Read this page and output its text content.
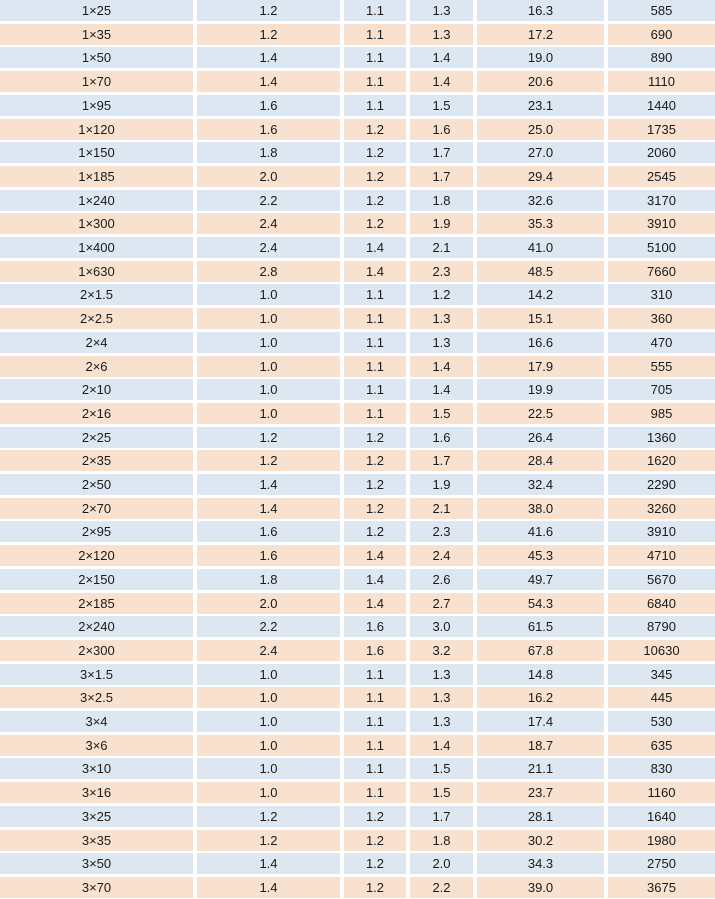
1×25	1.2	1.1	1.3	16.3	585
1×35	1.2	1.1	1.3	17.2	690
1×50	1.4	1.1	1.4	19.0	890
1×70	1.4	1.1	1.4	20.6	1110
1×95	1.6	1.1	1.5	23.1	1440
1×120	1.6	1.2	1.6	25.0	1735
1×150	1.8	1.2	1.7	27.0	2060
1×185	2.0	1.2	1.7	29.4	2545
1×240	2.2	1.2	1.8	32.6	3170
1×300	2.4	1.2	1.9	35.3	3910
1×400	2.4	1.4	2.1	41.0	5100
1×630	2.8	1.4	2.3	48.5	7660
2×1.5	1.0	1.1	1.2	14.2	310
2×2.5	1.0	1.1	1.3	15.1	360
2×4	1.0	1.1	1.3	16.6	470
2×6	1.0	1.1	1.4	17.9	555
2×10	1.0	1.1	1.4	19.9	705
2×16	1.0	1.1	1.5	22.5	985
2×25	1.2	1.2	1.6	26.4	1360
2×35	1.2	1.2	1.7	28.4	1620
2×50	1.4	1.2	1.9	32.4	2290
2×70	1.4	1.2	2.1	38.0	3260
2×95	1.6	1.2	2.3	41.6	3910
2×120	1.6	1.4	2.4	45.3	4710
2×150	1.8	1.4	2.6	49.7	5670
2×185	2.0	1.4	2.7	54.3	6840
2×240	2.2	1.6	3.0	61.5	8790
2×300	2.4	1.6	3.2	67.8	10630
3×1.5	1.0	1.1	1.3	14.8	345
3×2.5	1.0	1.1	1.3	16.2	445
3×4	1.0	1.1	1.3	17.4	530
3×6	1.0	1.1	1.4	18.7	635
3×10	1.0	1.1	1.5	21.1	830
3×16	1.0	1.1	1.5	23.7	1160
3×25	1.2	1.2	1.7	28.1	1640
3×35	1.2	1.2	1.8	30.2	1980
3×50	1.4	1.2	2.0	34.3	2750
3×70	1.4	1.2	2.2	39.0	3675
